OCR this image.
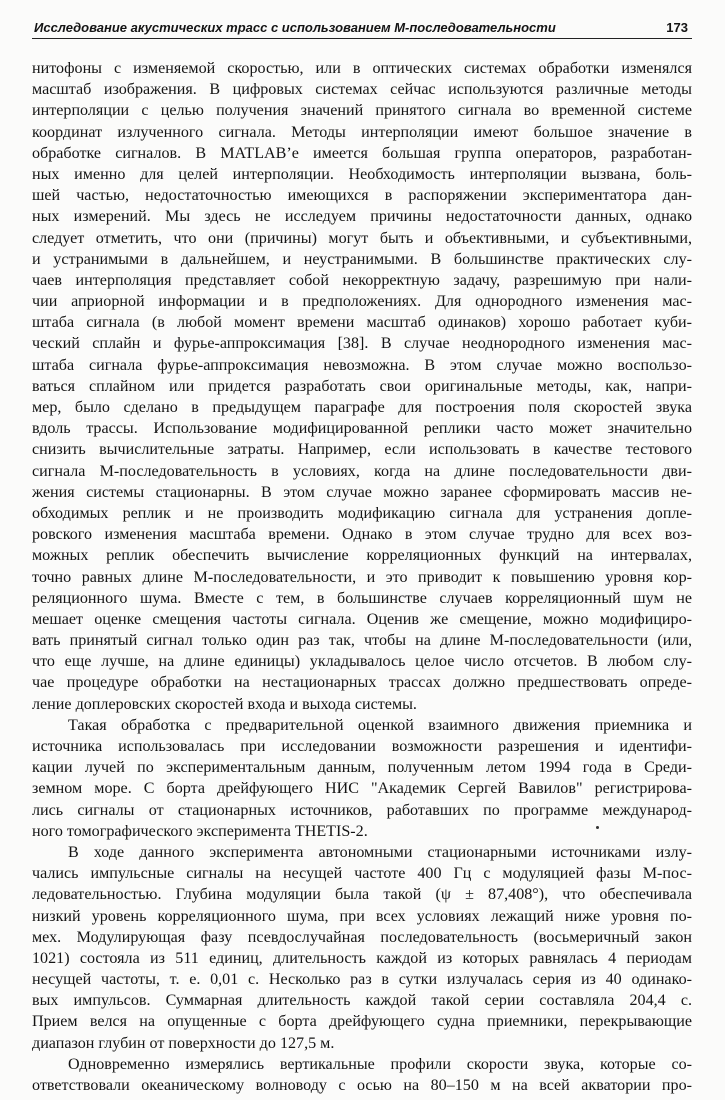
Исследование акустических трасс с использованием М-последовательности	173
нитофоны с изменяемой скоростью, или в оптических системах обработки изменялся
масштаб изображения. В цифровых системах сейчас используются различные методы
интерполяции с целью получения значений принятого сигнала во временной системе
координат излученного сигнала. Методы интерполяции имеют большое значение в
обработке сигналов. В MATLAB’е имеется большая группа операторов, разработан-
ных именно для целей интерполяции. Необходимость интерполяции вызвана, боль-
шей частью, недостаточностью имеющихся в распоряжении экспериментатора дан-
ных измерений. Мы здесь не исследуем причины недостаточности данных, однако
следует отметить, что они (причины) могут быть и объективными, и субъективными,
и устранимыми в дальнейшем, и неустранимыми. В большинстве практических слу-
чаев интерполяция представляет собой некорректную задачу, разрешимую при нали-
чии априорной информации и в предположениях. Для однородного изменения мас-
штаба сигнала (в любой момент времени масштаб одинаков) хорошо работает куби-
ческий сплайн и фурье-аппроксимация [38]. В случае неоднородного изменения мас-
штаба сигнала фурье-аппроксимация невозможна. В этом случае можно воспользо-
ваться сплайном или придется разработать свои оригинальные методы, как, напри-
мер, было сделано в предыдущем параграфе для построения поля скоростей звука
вдоль трассы. Использование модифицированной реплики часто может значительно
снизить вычислительные затраты. Например, если использовать в качестве тестового
сигнала М-последовательность в условиях, когда на длине последовательности дви-
жения системы стационарны. В этом случае можно заранее сформировать массив не-
обходимых реплик и не производить модификацию сигнала для устранения допле-
ровского изменения масштаба времени. Однако в этом случае трудно для всех воз-
можных реплик обеспечить вычисление корреляционных функций на интервалах,
точно равных длине М-последовательности, и это приводит к повышению уровня кор-
реляционного шума. Вместе с тем, в большинстве случаев корреляционный шум не
мешает оценке смещения частоты сигнала. Оценив же смещение, можно модифициро-
вать принятый сигнал только один раз так, чтобы на длине М-последовательности (или,
что еще лучше, на длине единицы) укладывалось целое число отсчетов. В любом слу-
чае процедуре обработки на нестационарных трассах должно предшествовать опреде-
ление доплеровских скоростей входа и выхода системы.
Такая обработка с предварительной оценкой взаимного движения приемника и
источника использовалась при исследовании возможности разрешения и идентифи-
кации лучей по экспериментальным данным, полученным летом 1994 года в Среди-
земном море. С борта дрейфующего НИС "Академик Сергей Вавилов" регистрирова-
лись сигналы от стационарных источников, работавших по программе международ-
ного томографического эксперимента THETIS-2.
В ходе данного эксперимента автономными стационарными источниками излу-
чались импульсные сигналы на несущей частоте 400 Гц с модуляцией фазы М-пос-
ледовательностью. Глубина модуляции была такой (ψ ± 87,408°), что обеспечивала
низкий уровень корреляционного шума, при всех условиях лежащий ниже уровня по-
мех. Модулирующая фазу псевдослучайная последовательность (восьмеричный закон
1021) состояла из 511 единиц, длительность каждой из которых равнялась 4 периодам
несущей частоты, т. е. 0,01 с. Несколько раз в сутки излучалась серия из 40 одинако-
вых импульсов. Суммарная длительность каждой такой серии составляла 204,4 с.
Прием велся на опущенные с борта дрейфующего судна приемники, перекрывающие
диапазон глубин от поверхности до 127,5 м.
Одновременно измерялись вертикальные профили скорости звука, которые со-
ответствовали океаническому волноводу с осью на 80–150 м на всей акватории про-
